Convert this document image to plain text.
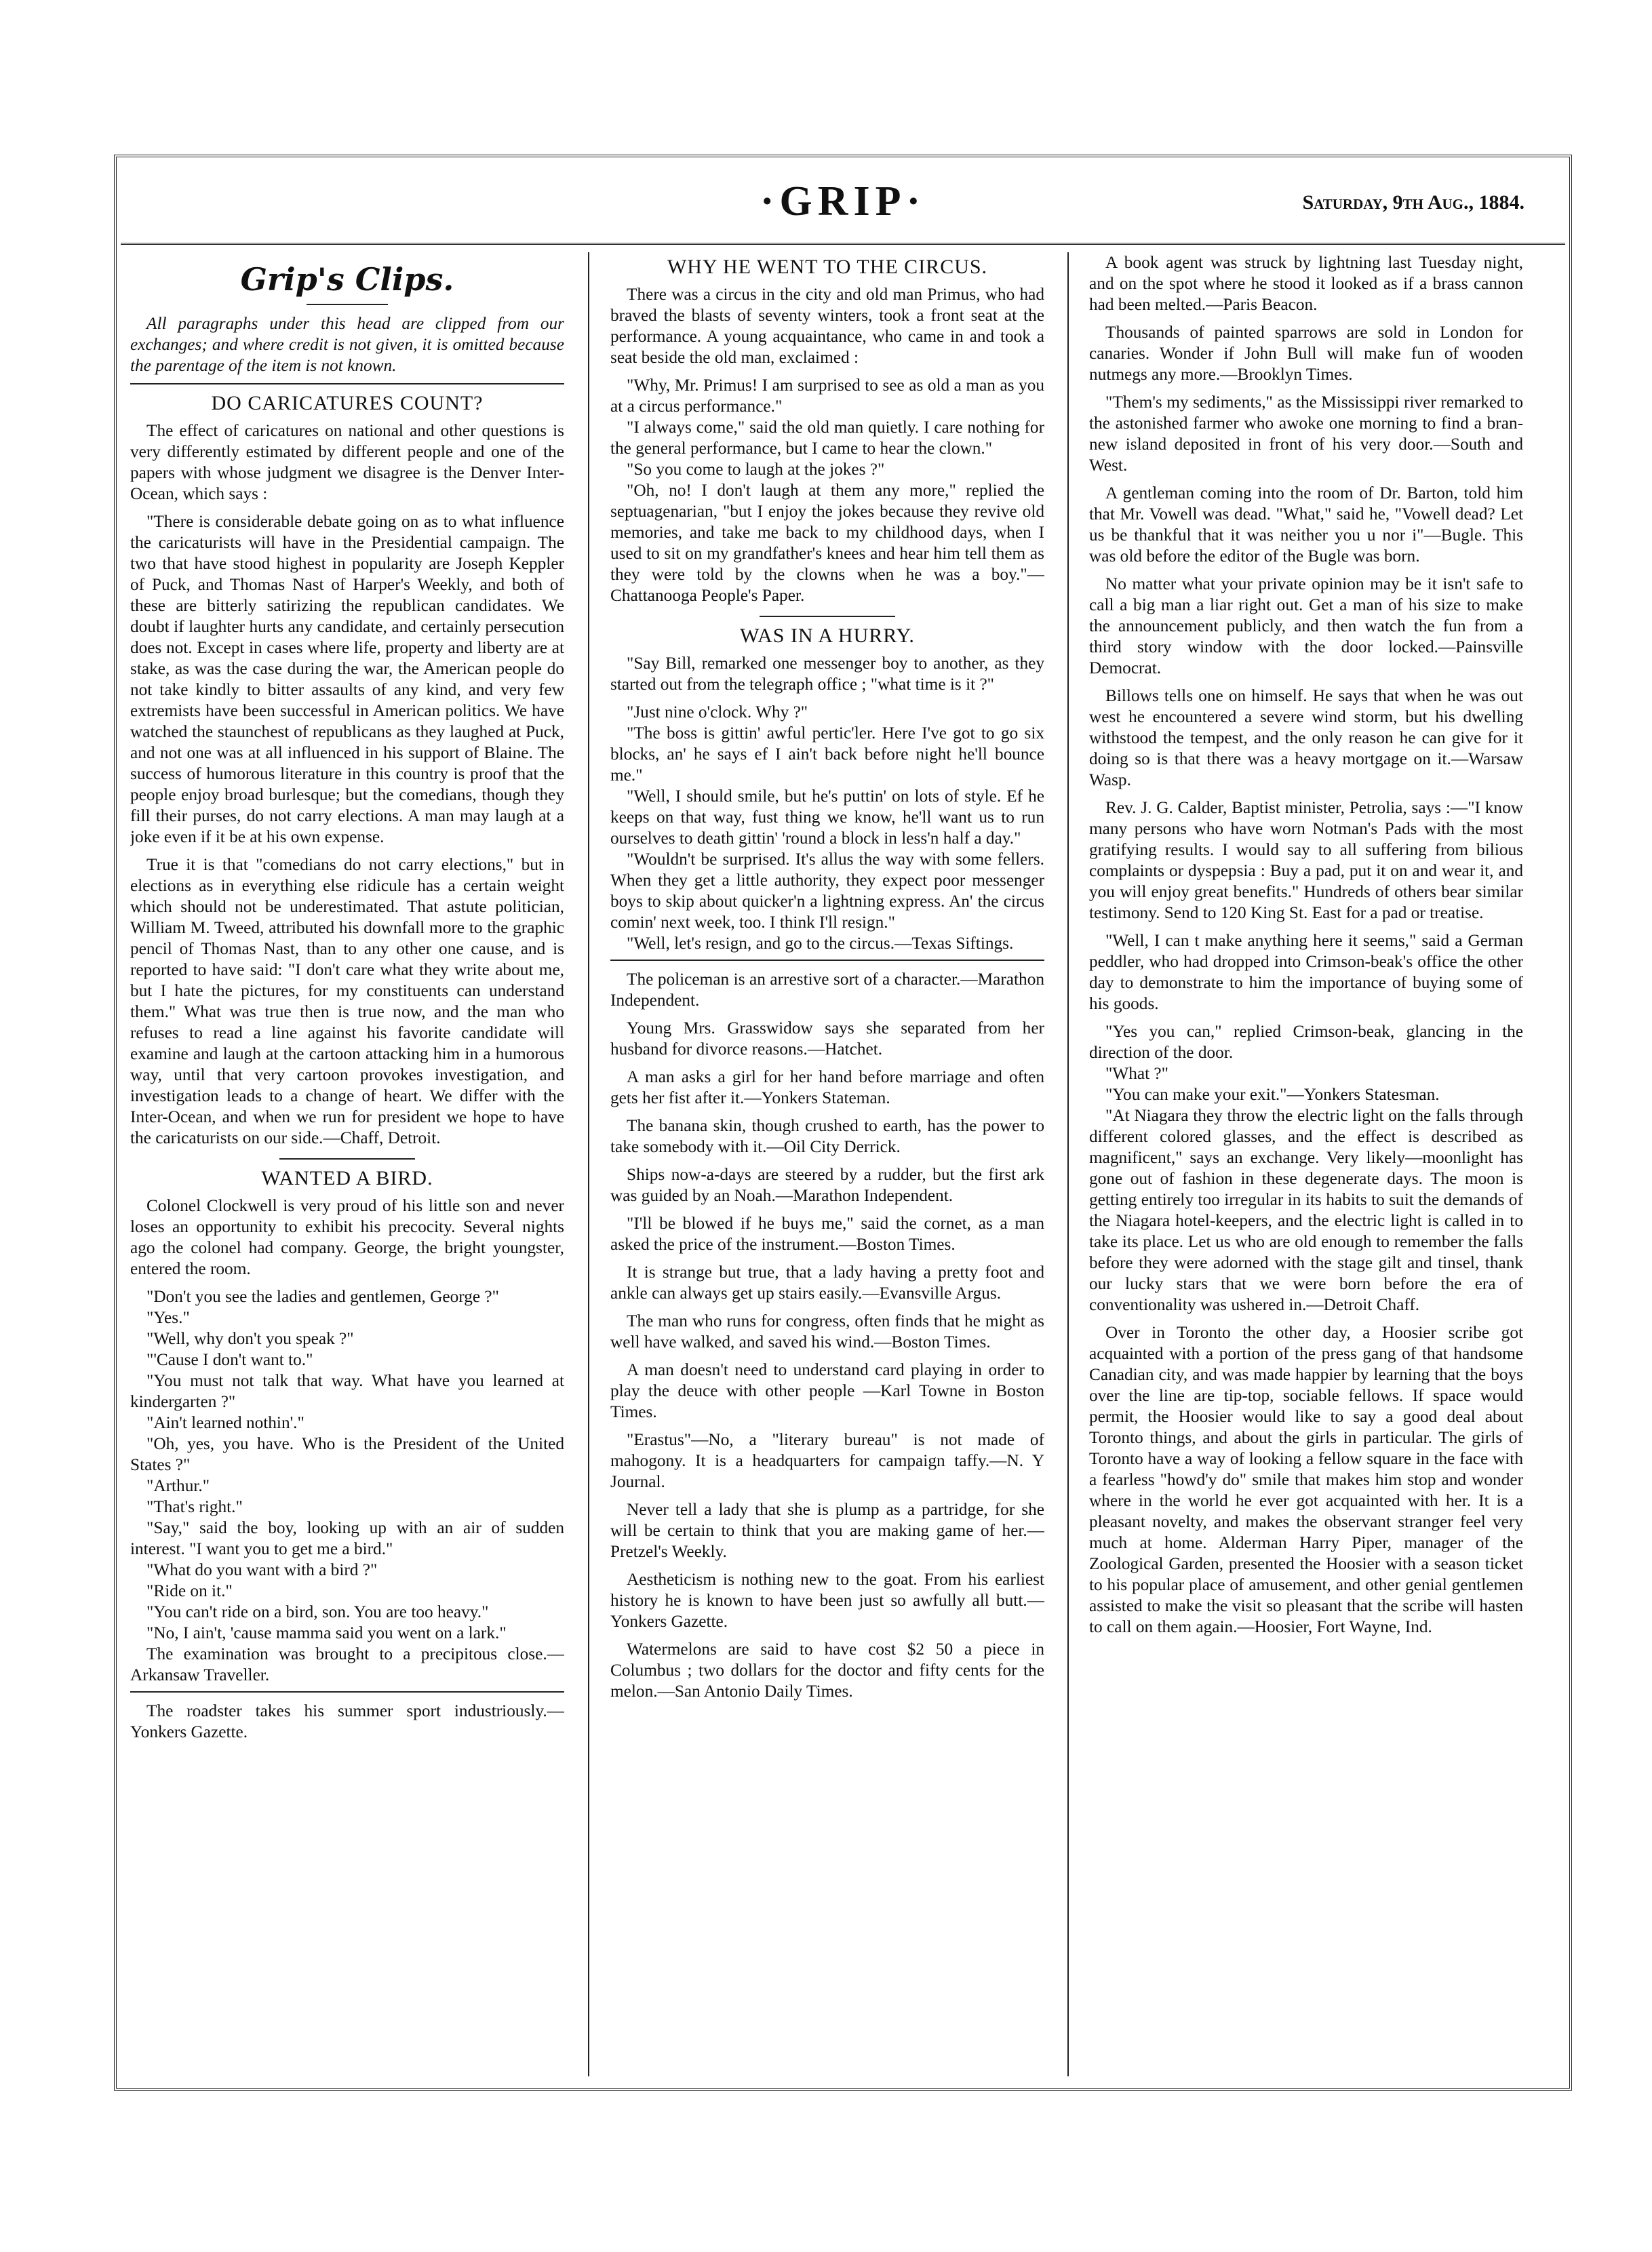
·GRIP·	Saturday, 9th Aug., 1884.
Grip's Clips.

All paragraphs under this head are clipped from our exchanges; and where credit is not given, it is omitted because the parentage of the item is not known.

DO CARICATURES COUNT?

The effect of caricatures on national and other questions is very differently estimated by different people and one of the papers with whose judgment we disagree is the Denver Inter-Ocean, which says :

"There is considerable debate going on as to what influence the caricaturists will have in the Presidential campaign. The two that have stood highest in popularity are Joseph Keppler of Puck, and Thomas Nast of Harper's Weekly, and both of these are bitterly satirizing the republican candidates. We doubt if laughter hurts any candidate, and certainly persecution does not. Except in cases where life, property and liberty are at stake, as was the case during the war, the American people do not take kindly to bitter assaults of any kind, and very few extremists have been successful in American politics. We have watched the staunchest of republicans as they laughed at Puck, and not one was at all influenced in his support of Blaine. The success of humorous literature in this country is proof that the people enjoy broad burlesque; but the comedians, though they fill their purses, do not carry elections. A man may laugh at a joke even if it be at his own expense.

True it is that "comedians do not carry elections," but in elections as in everything else ridicule has a certain weight which should not be underestimated. That astute politician, William M. Tweed, attributed his downfall more to the graphic pencil of Thomas Nast, than to any other one cause, and is reported to have said: "I don't care what they write about me, but I hate the pictures, for my constituents can understand them." What was true then is true now, and the man who refuses to read a line against his favorite candidate will examine and laugh at the cartoon attacking him in a humorous way, until that very cartoon provokes investigation, and investigation leads to a change of heart. We differ with the Inter-Ocean, and when we run for president we hope to have the caricaturists on our side.—Chaff, Detroit.

WANTED A BIRD.

Colonel Clockwell is very proud of his little son and never loses an opportunity to exhibit his precocity. Several nights ago the colonel had company. George, the bright youngster, entered the room.

"Don't you see the ladies and gentlemen, George ?"

"Yes."

"Well, why don't you speak ?"

"'Cause I don't want to."

"You must not talk that way. What have you learned at kindergarten ?"

"Ain't learned nothin'."

"Oh, yes, you have. Who is the President of the United States ?"

"Arthur."

"That's right."

"Say," said the boy, looking up with an air of sudden interest. "I want you to get me a bird."

"What do you want with a bird ?"

"Ride on it."

"You can't ride on a bird, son. You are too heavy."

"No, I ain't, 'cause mamma said you went on a lark."

The examination was brought to a precipitous close.—Arkansaw Traveller.

The roadster takes his summer sport industriously.—Yonkers Gazette.

WHY HE WENT TO THE CIRCUS.

There was a circus in the city and old man Primus, who had braved the blasts of seventy winters, took a front seat at the performance. A young acquaintance, who came in and took a seat beside the old man, exclaimed :

"Why, Mr. Primus! I am surprised to see as old a man as you at a circus performance."

"I always come," said the old man quietly. I care nothing for the general performance, but I came to hear the clown."

"So you come to laugh at the jokes ?"

"Oh, no! I don't laugh at them any more," replied the septuagenarian, "but I enjoy the jokes because they revive old memories, and take me back to my childhood days, when I used to sit on my grandfather's knees and hear him tell them as they were told by the clowns when he was a boy."—Chattanooga People's Paper.

WAS IN A HURRY.

"Say Bill, remarked one messenger boy to another, as they started out from the telegraph office ; "what time is it ?"

"Just nine o'clock. Why ?"

"The boss is gittin' awful pertic'ler. Here I've got to go six blocks, an' he says ef I ain't back before night he'll bounce me."

"Well, I should smile, but he's puttin' on lots of style. Ef he keeps on that way, fust thing we know, he'll want us to run ourselves to death gittin' 'round a block in less'n half a day."

"Wouldn't be surprised. It's allus the way with some fellers. When they get a little authority, they expect poor messenger boys to skip about quicker'n a lightning express. An' the circus comin' next week, too. I think I'll resign."

"Well, let's resign, and go to the circus.—Texas Siftings.

The policeman is an arrestive sort of a character.—Marathon Independent.

Young Mrs. Grasswidow says she separated from her husband for divorce reasons.—Hatchet.

A man asks a girl for her hand before marriage and often gets her fist after it.—Yonkers Stateman.

The banana skin, though crushed to earth, has the power to take somebody with it.—Oil City Derrick.

Ships now-a-days are steered by a rudder, but the first ark was guided by an Noah.—Marathon Independent.

"I'll be blowed if he buys me," said the cornet, as a man asked the price of the instrument.—Boston Times.

It is strange but true, that a lady having a pretty foot and ankle can always get up stairs easily.—Evansville Argus.

The man who runs for congress, often finds that he might as well have walked, and saved his wind.—Boston Times.

A man doesn't need to understand card playing in order to play the deuce with other people —Karl Towne in Boston Times.

"Erastus"—No, a "literary bureau" is not made of mahogony. It is a headquarters for campaign taffy.—N. Y Journal.

Never tell a lady that she is plump as a partridge, for she will be certain to think that you are making game of her.—Pretzel's Weekly.

Aestheticism is nothing new to the goat. From his earliest history he is known to have been just so awfully all butt.—Yonkers Gazette.

Watermelons are said to have cost $2 50 a piece in Columbus ; two dollars for the doctor and fifty cents for the melon.—San Antonio Daily Times.

A book agent was struck by lightning last Tuesday night, and on the spot where he stood it looked as if a brass cannon had been melted.—Paris Beacon.

Thousands of painted sparrows are sold in London for canaries. Wonder if John Bull will make fun of wooden nutmegs any more.—Brooklyn Times.

"Them's my sediments," as the Mississippi river remarked to the astonished farmer who awoke one morning to find a bran-new island deposited in front of his very door.—South and West.

A gentleman coming into the room of Dr. Barton, told him that Mr. Vowell was dead. "What," said he, "Vowell dead? Let us be thankful that it was neither you u nor i"—Bugle. This was old before the editor of the Bugle was born.

No matter what your private opinion may be it isn't safe to call a big man a liar right out. Get a man of his size to make the announcement publicly, and then watch the fun from a third story window with the door locked.—Painsville Democrat.

Billows tells one on himself. He says that when he was out west he encountered a severe wind storm, but his dwelling withstood the tempest, and the only reason he can give for it doing so is that there was a heavy mortgage on it.—Warsaw Wasp.

Rev. J. G. Calder, Baptist minister, Petrolia, says :—"I know many persons who have worn Notman's Pads with the most gratifying results. I would say to all suffering from bilious complaints or dyspepsia : Buy a pad, put it on and wear it, and you will enjoy great benefits." Hundreds of others bear similar testimony. Send to 120 King St. East for a pad or treatise.

"Well, I can t make anything here it seems," said a German peddler, who had dropped into Crimson-beak's office the other day to demonstrate to him the importance of buying some of his goods.

"Yes you can," replied Crimson-beak, glancing in the direction of the door.

"What ?"

"You can make your exit."—Yonkers Statesman.

"At Niagara they throw the electric light on the falls through different colored glasses, and the effect is described as magnificent," says an exchange. Very likely—moonlight has gone out of fashion in these degenerate days. The moon is getting entirely too irregular in its habits to suit the demands of the Niagara hotel-keepers, and the electric light is called in to take its place. Let us who are old enough to remember the falls before they were adorned with the stage gilt and tinsel, thank our lucky stars that we were born before the era of conventionality was ushered in.—Detroit Chaff.

Over in Toronto the other day, a Hoosier scribe got acquainted with a portion of the press gang of that handsome Canadian city, and was made happier by learning that the boys over the line are tip-top, sociable fellows. If space would permit, the Hoosier would like to say a good deal about Toronto things, and about the girls in particular. The girls of Toronto have a way of looking a fellow square in the face with a fearless "howd'y do" smile that makes him stop and wonder where in the world he ever got acquainted with her. It is a pleasant novelty, and makes the observant stranger feel very much at home. Alderman Harry Piper, manager of the Zoological Garden, presented the Hoosier with a season ticket to his popular place of amusement, and other genial gentlemen assisted to make the visit so pleasant that the scribe will hasten to call on them again.—Hoosier, Fort Wayne, Ind.
